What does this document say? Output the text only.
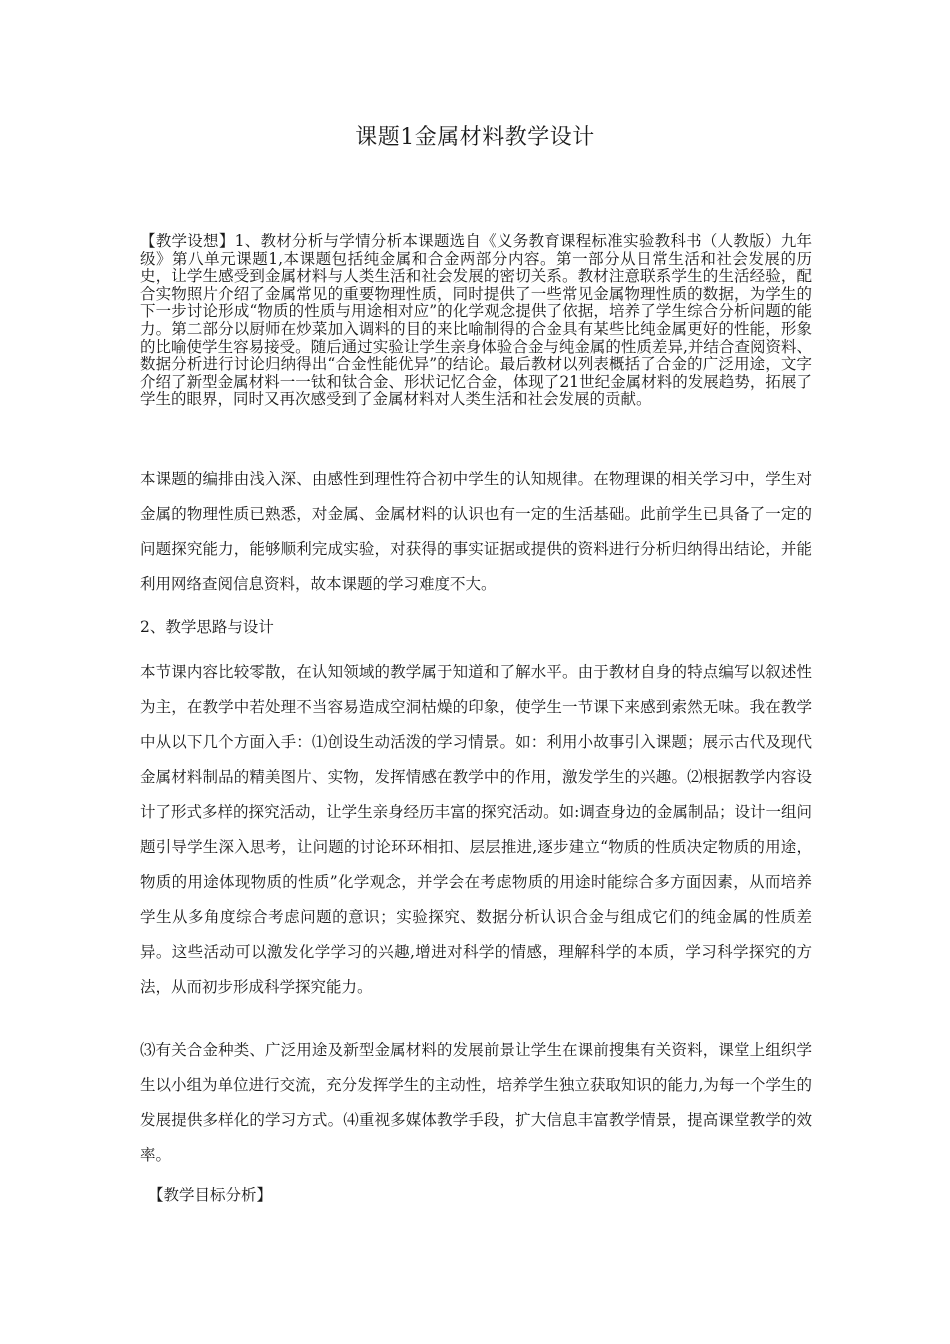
课题1金属材料教学设计
【教学设想】1、教材分析与学情分析本课题选自《义务教育课程标准实验教科书（人教版）九年级》第八单元课题1,本课题包括纯金属和合金两部分内容。第一部分从日常生活和社会发展的历史，让学生感受到金属材料与人类生活和社会发展的密切关系。教材注意联系学生的生活经验，配合实物照片介绍了金属常见的重要物理性质，同时提供了一些常见金属物理性质的数据，为学生的下一步讨论形成“物质的性质与用途相对应”的化学观念提供了依据，培养了学生综合分析问题的能力。第二部分以厨师在炒菜加入调料的目的来比喻制得的合金具有某些比纯金属更好的性能，形象的比喻使学生容易接受。随后通过实验让学生亲身体验合金与纯金属的性质差异,并结合查阅资料、数据分析进行讨论归纳得出“合金性能优异”的结论。最后教材以列表概括了合金的广泛用途，文字介绍了新型金属材料一一钛和钛合金、形状记忆合金，体现了21世纪金属材料的发展趋势，拓展了学生的眼界，同时又再次感受到了金属材料对人类生活和社会发展的贡献。
本课题的编排由浅入深、由感性到理性符合初中学生的认知规律。在物理课的相关学习中，学生对金属的物理性质已熟悉，对金属、金属材料的认识也有一定的生活基础。此前学生已具备了一定的问题探究能力，能够顺利完成实验，对获得的事实证据或提供的资料进行分析归纳得出结论，并能利用网络查阅信息资料，故本课题的学习难度不大。
2、教学思路与设计
本节课内容比较零散，在认知领域的教学属于知道和了解水平。由于教材自身的特点编写以叙述性为主，在教学中若处理不当容易造成空洞枯燥的印象，使学生一节课下来感到索然无味。我在教学中从以下几个方面入手：⑴创设生动活泼的学习情景。如：利用小故事引入课题；展示古代及现代金属材料制品的精美图片、实物，发挥情感在教学中的作用，激发学生的兴趣。⑵根据教学内容设计了形式多样的探究活动，让学生亲身经历丰富的探究活动。如:调查身边的金属制品；设计一组问题引导学生深入思考，让问题的讨论环环相扣、层层推进,逐步建立“物质的性质决定物质的用途，物质的用途体现物质的性质”化学观念，并学会在考虑物质的用途时能综合多方面因素，从而培养学生从多角度综合考虑问题的意识；实验探究、数据分析认识合金与组成它们的纯金属的性质差异。这些活动可以激发化学学习的兴趣,增进对科学的情感，理解科学的本质，学习科学探究的方法，从而初步形成科学探究能力。
⑶有关合金种类、广泛用途及新型金属材料的发展前景让学生在课前搜集有关资料，课堂上组织学生以小组为单位进行交流，充分发挥学生的主动性，培养学生独立获取知识的能力,为每一个学生的发展提供多样化的学习方式。⑷重视多媒体教学手段，扩大信息丰富教学情景，提高课堂教学的效率。
【教学目标分析】
